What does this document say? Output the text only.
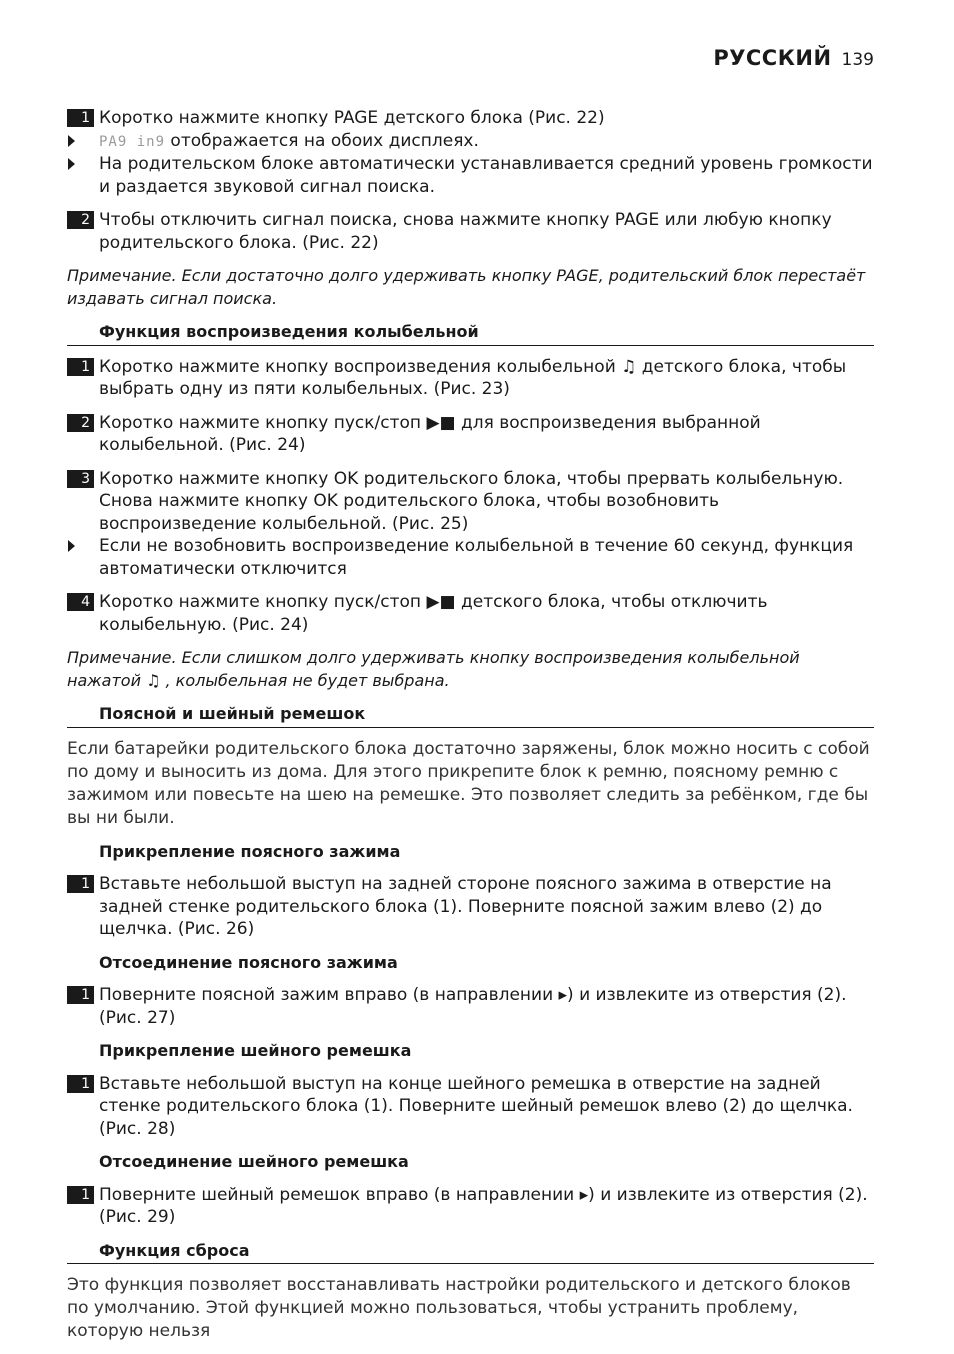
РУССКИЙ 139
1 Коротко нажмите кнопку PAGE детского блока (Рис. 22)
PA9 in9 отображается на обоих дисплеях.
На родительском блоке автоматически устанавливается средний уровень громкости и раздается звуковой сигнал поиска.
2 Чтобы отключить сигнал поиска, снова нажмите кнопку PAGE или любую кнопку родительского блока. (Рис. 22)
Примечание. Если достаточно долго удерживать кнопку PAGE, родительский блок перестаёт издавать сигнал поиска.
Функция воспроизведения колыбельной
1 Коротко нажмите кнопку воспроизведения колыбельной ♫ детского блока, чтобы выбрать одну из пяти колыбельных. (Рис. 23)
2 Коротко нажмите кнопку пуск/стоп ▶■ для воспроизведения выбранной колыбельной. (Рис. 24)
3 Коротко нажмите кнопку OK родительского блока, чтобы прервать колыбельную. Снова нажмите кнопку OK родительского блока, чтобы возобновить воспроизведение колыбельной. (Рис. 25)
Если не возобновить воспроизведение колыбельной в течение 60 секунд, функция автоматически отключится
4 Коротко нажмите кнопку пуск/стоп ▶■ детского блока, чтобы отключить колыбельную. (Рис. 24)
Примечание. Если слишком долго удерживать кнопку воспроизведения колыбельной нажатой ♫ , колыбельная не будет выбрана.
Поясной и шейный ремешок
Если батарейки родительского блока достаточно заряжены, блок можно носить с собой по дому и выносить из дома. Для этого прикрепите блок к ремню, поясному ремню с зажимом или повесьте на шею на ремешке. Это позволяет следить за ребёнком, где бы вы ни были.
Прикрепление поясного зажима
1 Вставьте небольшой выступ на задней стороне поясного зажима в отверстие на задней стенке родительского блока (1). Поверните поясной зажим влево (2) до щелчка. (Рис. 26)
Отсоединение поясного зажима
1 Поверните поясной зажим вправо (в направлении ▸) и извлеките из отверстия (2). (Рис. 27)
Прикрепление шейного ремешка
1 Вставьте небольшой выступ на конце шейного ремешка в отверстие на задней стенке родительского блока (1). Поверните шейный ремешок влево (2) до щелчка. (Рис. 28)
Отсоединение шейного ремешка
1 Поверните шейный ремешок вправо (в направлении ▸) и извлеките из отверстия (2). (Рис. 29)
Функция сброса
Это функция позволяет восстанавливать настройки родительского и детского блоков по умолчанию. Этой функцией можно пользоваться, чтобы устранить проблему, которую нельзя
